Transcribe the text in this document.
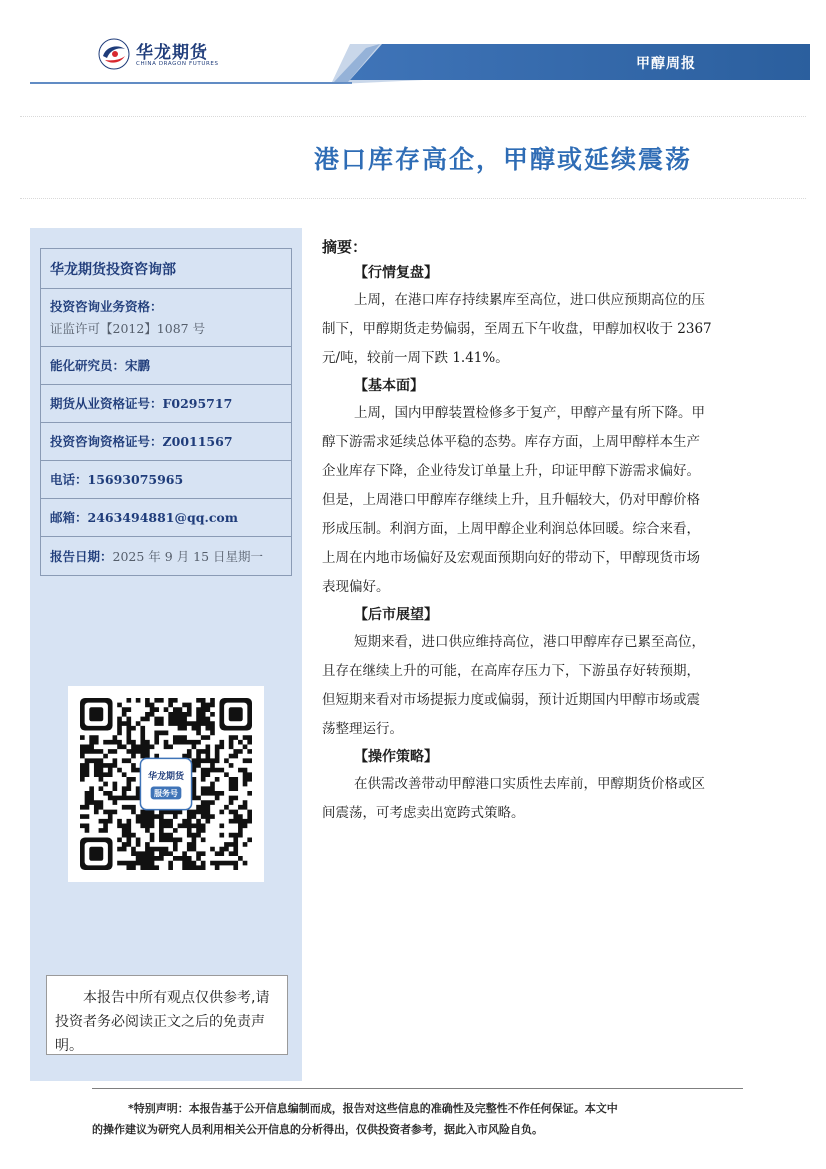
华龙期货
CHINA DRAGON FUTURES	甲醇周报
港口库存高企，甲醇或延续震荡
华龙期货投资咨询部
投资咨询业务资格：
证监许可【2012】1087 号
能化研究员：宋鹏
期货从业资格证号：F0295717
投资咨询资格证号：Z0011567
电话：15693075965
邮箱：2463494881@qq.com
报告日期：2025 年 9 月 15 日星期一
华龙期货
服务号
本报告中所有观点仅供参考,请投资者务必阅读正文之后的免责声明。
摘要：
【行情复盘】
上周，在港口库存持续累库至高位，进口供应预期高位的压
制下，甲醇期货走势偏弱，至周五下午收盘，甲醇加权收于 2367
元/吨，较前一周下跌 1.41%。
【基本面】
上周，国内甲醇装置检修多于复产，甲醇产量有所下降。甲
醇下游需求延续总体平稳的态势。库存方面，上周甲醇样本生产
企业库存下降，企业待发订单量上升，印证甲醇下游需求偏好。
但是，上周港口甲醇库存继续上升，且升幅较大，仍对甲醇价格
形成压制。利润方面，上周甲醇企业利润总体回暖。综合来看，
上周在内地市场偏好及宏观面预期向好的带动下，甲醇现货市场
表现偏好。
【后市展望】
短期来看，进口供应维持高位，港口甲醇库存已累至高位，
且存在继续上升的可能，在高库存压力下，下游虽存好转预期，
但短期来看对市场提振力度或偏弱，预计近期国内甲醇市场或震
荡整理运行。
【操作策略】
在供需改善带动甲醇港口实质性去库前，甲醇期货价格或区
间震荡，可考虑卖出宽跨式策略。
*特别声明：本报告基于公开信息编制而成，报告对这些信息的准确性及完整性不作任何保证。本文中
的操作建议为研究人员利用相关公开信息的分析得出，仅供投资者参考，据此入市风险自负。
